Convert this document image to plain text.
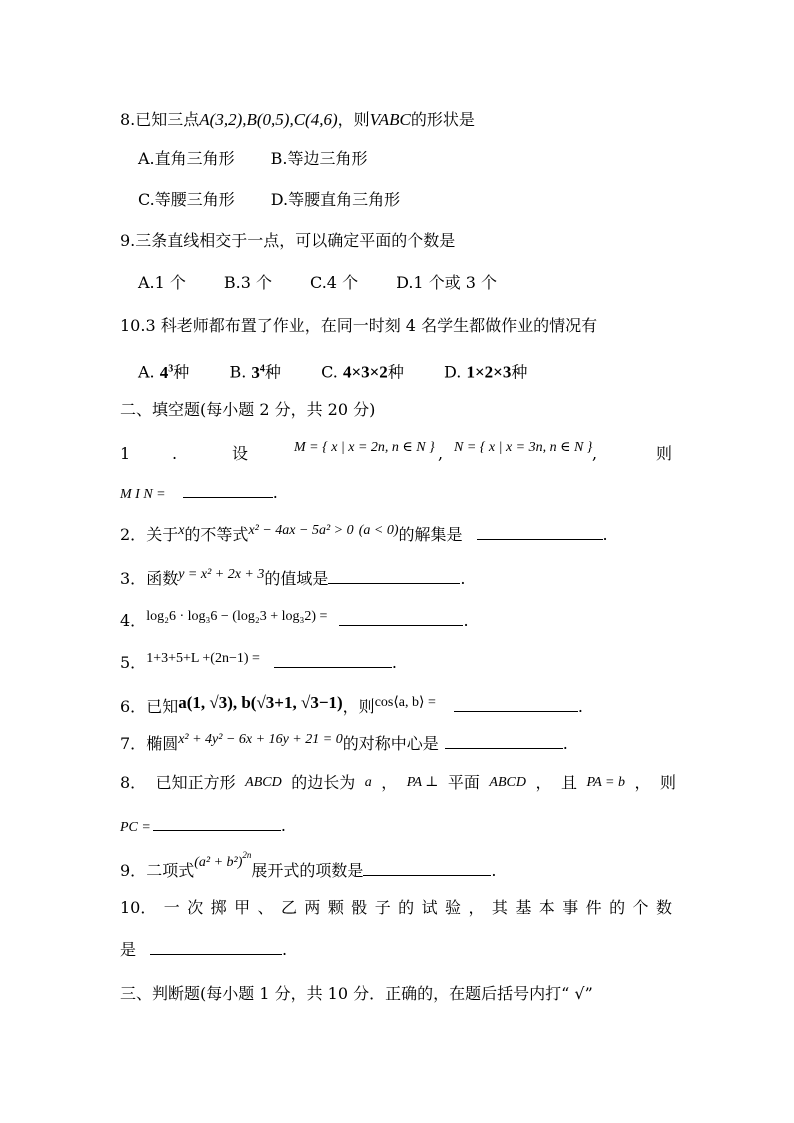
8.已知三点A(3,2),B(0,5),C(4,6)，则VABC的形状是
A.直角三角形 B.等边三角形
C.等腰三角形 D.等腰直角三角形
9.三条直线相交于一点，可以确定平面的个数是
A.1 个 B.3 个 C.4 个 D.1 个或 3 个
10.3 科老师都布置了作业，在同一时刻 4 名学生都做作业的情况有
A. $4^3$种	B. $3^4$种	C. 4×3×2种	D. 1×2×3种
二、填空题(每小题 2 分，共 20 分)
1	.	设	M = { x | x = 2n, n ∈ N } , N = { x | x = 3n, n ∈ N } ,	则
M I N =	.
2．关于x的不等式x² − 4ax − 5a² > 0 (a < 0)的解集是	.
3．函数y = x² + 2x + 3的值域是	.
4．log₂6 · log₃6 − (log₂3 + log₃2) =	.
5．1+3+5+L +(2n−1) =	.
6．已知a(1, √3), b(√3+1, √3−1)，则cos⟨a, b⟩ =	.
7．椭圆x² + 4y² − 6x + 16y + 21 = 0的对称中心是	.
8． 已知正方形 ABCD 的边长为 a ， PA ⊥ 平面 ABCD ， 且 PA = b ， 则
PC =	.
9．二项式$(a^2 + b^2)^{2n}$展开式的项数是	.
10． 一 次 掷 甲 、 乙 两 颗 骰 子 的 试 验 ， 其 基 本 事 件 的 个 数
是	.
三、判断题(每小题 1 分，共 10 分．正确的，在题后括号内打“ √”
